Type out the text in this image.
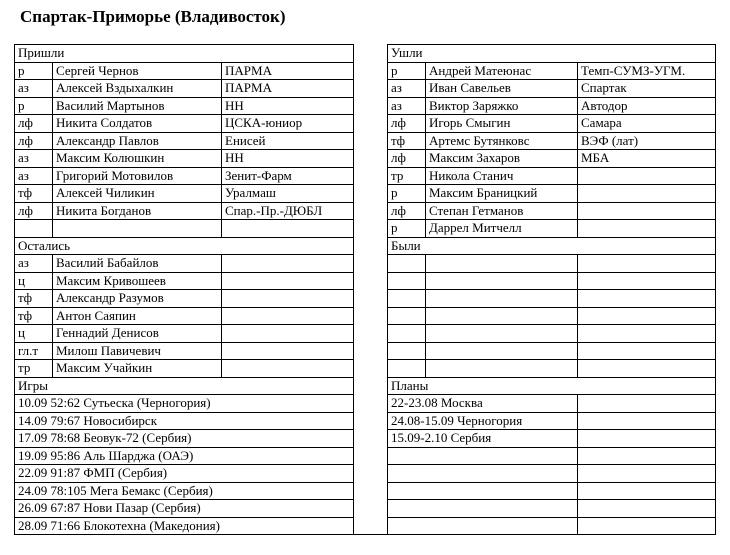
Спартак-Приморье (Владивосток)
Пришли				Ушли		
р	Сергей Чернов	ПАРМА		р	Андрей Матеюнас	Темп-СУМЗ-УГМ.
аз	Алексей Вздыхалкин	ПАРМА		аз	Иван Савельев	Спартак
р	Василий Мартынов	НН		аз	Виктор Заряжко	Автодор
лф	Никита Солдатов	ЦСКА-юниор		лф	Игорь Смыгин	Самара
лф	Александр Павлов	Енисей		тф	Артемс Бутянковс	ВЭФ (лат)
аз	Максим Колюшкин	НН		лф	Максим Захаров	МБА
аз	Григорий Мотовилов	Зенит-Фарм		тр	Никола Станич	
тф	Алексей Чиликин	Уралмаш		р	Максим Браницкий	
лф	Никита Богданов	Спар.-Пр.-ДЮБЛ		лф	Степан Гетманов	
				р	Даррел Митчелл	
Остались				Были		
аз	Василий Бабайлов					
ц	Максим Кривошеев					
тф	Александр Разумов					
тф	Антон Саяпин					
ц	Геннадий Денисов					
гл.т	Милош Павичевич					
тр	Максим Учайкин					
Игры				Планы		
10.09 52:62 Сутьеска (Черногория)				22-23.08 Москва		
14.09 79:67 Новосибирск				24.08-15.09 Черногория		
17.09 78:68 Беовук-72 (Сербия)				15.09-2.10 Сербия		
19.09 95:86 Аль Шарджа (ОАЭ)						
22.09 91:87 ФМП (Сербия)						
24.09 78:105 Мега Бемакс (Сербия)						
26.09 67:87 Нови Пазар (Сербия)						
28.09 71:66 Блокотехна (Македония)						
